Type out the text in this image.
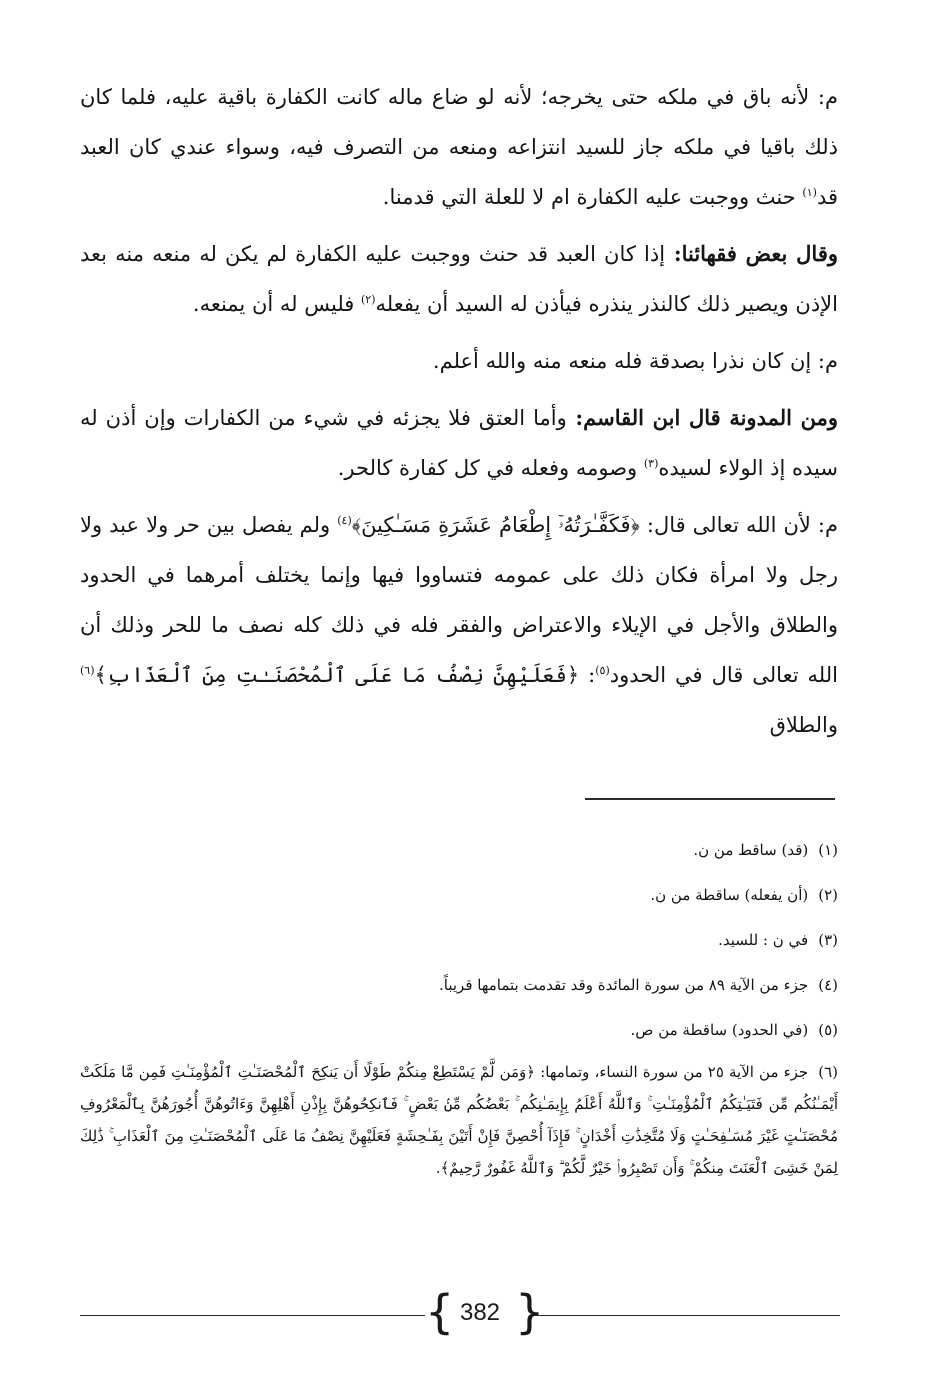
م: لأنه باق في ملكه حتى يخرجه؛ لأنه لو ضاع ماله كانت الكفارة باقية عليه، فلما كان ذلك باقيا في ملكه جاز للسيد انتزاعه ومنعه من التصرف فيه، وسواء عندي كان العبد قد$^{(١)}$ حنث ووجبت عليه الكفارة ام لا للعلة التي قدمنا.

وقال بعض فقهائنا: إذا كان العبد قد حنث ووجبت عليه الكفارة لم يكن له منعه منه بعد الإذن ويصير ذلك كالنذر ينذره فيأذن له السيد أن يفعله$^{(٢)}$ فليس له أن يمنعه.

م: إن كان نذرا بصدقة فله منعه منه والله أعلم.

ومن المدونة قال ابن القاسم: وأما العتق فلا يجزئه في شيء من الكفارات وإن أذن له سيده إذ الولاء لسيده$^{(٣)}$ وصومه وفعله في كل كفارة كالحر.

م: لأن الله تعالى قال: ﴿فَكَفَّـٰرَتُهُۥٓ إِطْعَامُ عَشَرَةِ مَسَـٰكِينَ﴾$^{(٤)}$ ولم يفصل بين حر ولا عبد ولا رجل ولا امرأة فكان ذلك على عمومه فتساووا فيها وإنما يختلف أمرهما في الحدود والطلاق والأجل في الإيلاء والاعتراض والفقر فله في ذلك كله نصف ما للحر وذلك أن الله تعالى قال في الحدود$^{(٥)}$: ﴿فَعَلَيْهِنَّ نِصْفُ مَا عَلَى ٱلْمُحْصَنَـٰتِ مِنَ ٱلْعَذَابِ﴾$^{(٦)}$ والطلاق

(١)(قد) ساقط من ن.

(٢)(أن يفعله) ساقطة من ن.

(٣)في ن : للسيد.

(٤)جزء من الآية ٨٩ من سورة المائدة وقد تقدمت بتمامها قريباً.

(٥)(في الحدود) ساقطة من ص.

(٦)جزء من الآية ٢٥ من سورة النساء، وتمامها: ﴿وَمَن لَّمْ يَسْتَطِعْ مِنكُمْ طَوْلًا أَن يَنكِحَ ٱلْمُحْصَنَـٰتِ ٱلْمُؤْمِنَـٰتِ فَمِن مَّا مَلَكَتْ أَيْمَـٰنُكُم مِّن فَتَيَـٰتِكُمُ ٱلْمُؤْمِنَـٰتِ ۚ وَٱللَّهُ أَعْلَمُ بِإِيمَـٰنِكُم ۚ بَعْضُكُم مِّنۢ بَعْضٍ ۚ فَٱنكِحُوهُنَّ بِإِذْنِ أَهْلِهِنَّ وَءَاتُوهُنَّ أُجُورَهُنَّ بِٱلْمَعْرُوفِ مُحْصَنَـٰتٍ غَيْرَ مُسَـٰفِحَـٰتٍ وَلَا مُتَّخِذَٰتِ أَخْدَانٍ ۚ فَإِذَآ أُحْصِنَّ فَإِنْ أَتَيْنَ بِفَـٰحِشَةٍ فَعَلَيْهِنَّ نِصْفُ مَا عَلَى ٱلْمُحْصَنَـٰتِ مِنَ ٱلْعَذَابِ ۚ ذَٰلِكَ لِمَنْ خَشِىَ ٱلْعَنَتَ مِنكُمْ ۚ وَأَن تَصْبِرُوا۟ خَيْرٌ لَّكُمْ ۗ وَٱللَّهُ غَفُورٌ رَّحِيمٌ﴾.

{ 382 }
